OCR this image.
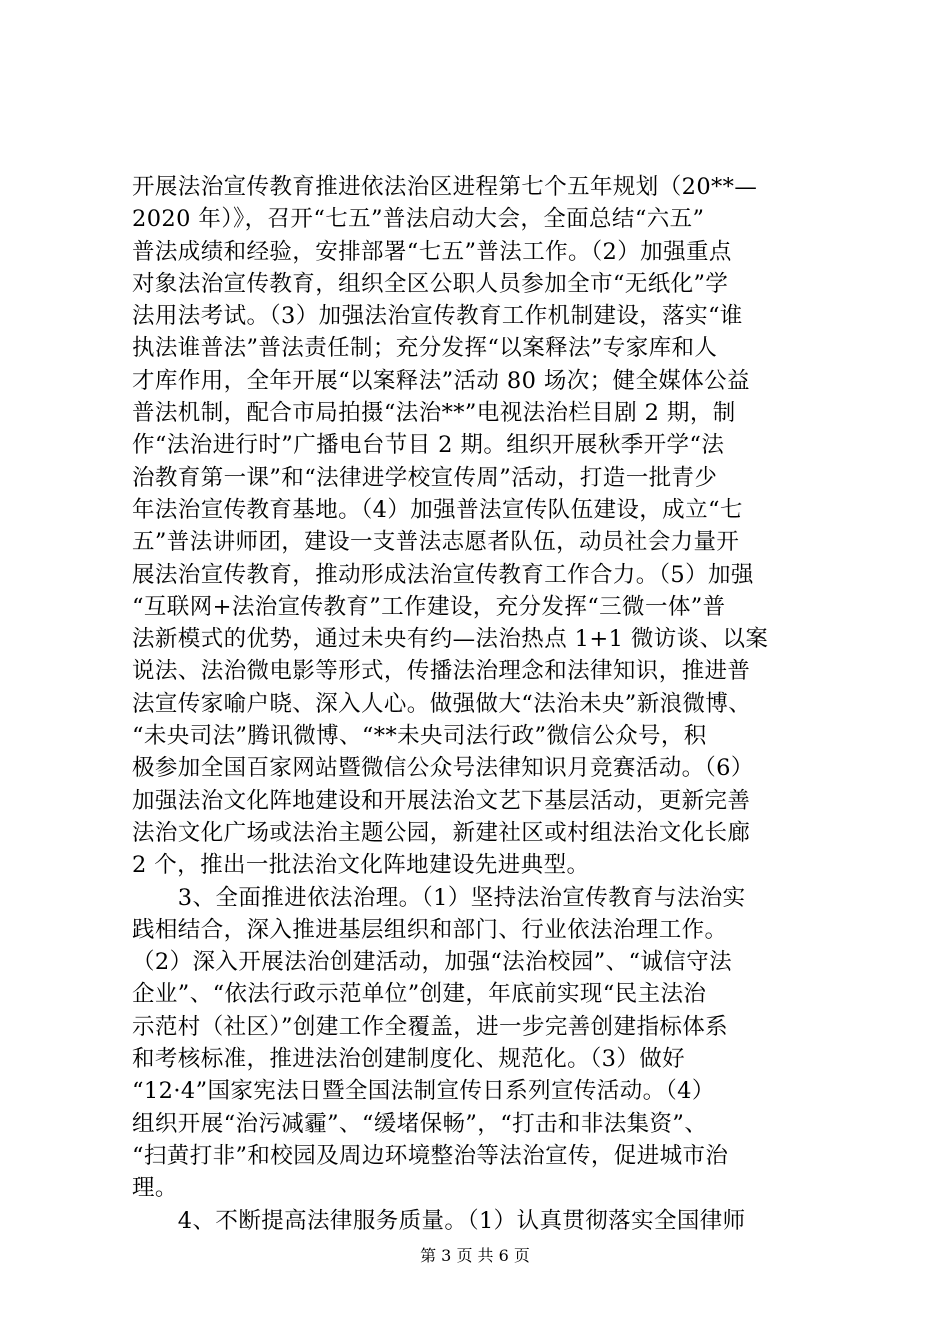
开展法治宣传教育推进依法治区进程第七个五年规划（20**—
2020 年）》，召开“七五”普法启动大会，全面总结“六五”
普法成绩和经验，安排部署“七五”普法工作。（2）加强重点
对象法治宣传教育，组织全区公职人员参加全市“无纸化”学
法用法考试。（3）加强法治宣传教育工作机制建设，落实“谁
执法谁普法”普法责任制；充分发挥“以案释法”专家库和人
才库作用，全年开展“以案释法”活动 80 场次；健全媒体公益
普法机制，配合市局拍摄“法治**”电视法治栏目剧 2 期，制
作“法治进行时”广播电台节目 2 期。组织开展秋季开学“法
治教育第一课”和“法律进学校宣传周”活动，打造一批青少
年法治宣传教育基地。（4）加强普法宣传队伍建设，成立“七
五”普法讲师团，建设一支普法志愿者队伍，动员社会力量开
展法治宣传教育，推动形成法治宣传教育工作合力。（5）加强
“互联网+法治宣传教育”工作建设，充分发挥“三微一体”普
法新模式的优势，通过未央有约—法治热点 1+1 微访谈、以案
说法、法治微电影等形式，传播法治理念和法律知识，推进普
法宣传家喻户晓、深入人心。做强做大“法治未央”新浪微博、
“未央司法”腾讯微博、“**未央司法行政”微信公众号，积
极参加全国百家网站暨微信公众号法律知识月竞赛活动。（6）
加强法治文化阵地建设和开展法治文艺下基层活动，更新完善
法治文化广场或法治主题公园，新建社区或村组法治文化长廊
2 个，推出一批法治文化阵地建设先进典型。
　　3、全面推进依法治理。（1）坚持法治宣传教育与法治实
践相结合，深入推进基层组织和部门、行业依法治理工作。
（2）深入开展法治创建活动，加强“法治校园”、“诚信守法
企业”、“依法行政示范单位”创建，年底前实现“民主法治
示范村（社区）”创建工作全覆盖，进一步完善创建指标体系
和考核标准，推进法治创建制度化、规范化。（3）做好
“12·4”国家宪法日暨全国法制宣传日系列宣传活动。（4）
组织开展“治污减霾”、“缓堵保畅”，“打击和非法集资”、
“扫黄打非”和校园及周边环境整治等法治宣传，促进城市治
理。
　　4、不断提高法律服务质量。（1）认真贯彻落实全国律师
第 3 页 共 6 页
